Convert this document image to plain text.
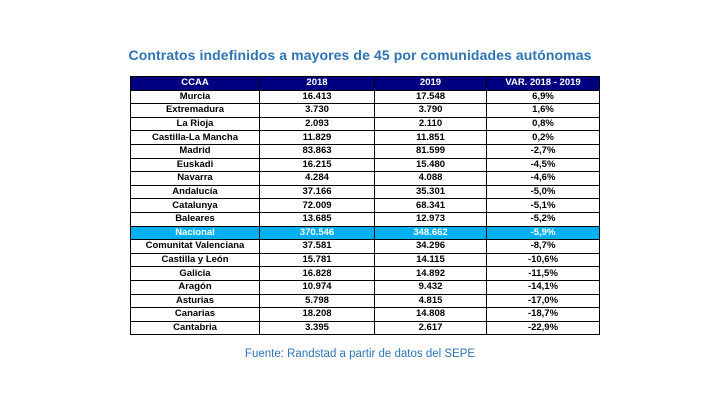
Contratos indefinidos a mayores de 45 por comunidades autónomas
CCAA	2018	2019	VAR. 2018 - 2019
Murcia	16.413	17.548	6,9%
Extremadura	3.730	3.790	1,6%
La Rioja	2.093	2.110	0,8%
Castilla-La Mancha	11.829	11.851	0,2%
Madrid	83.863	81.599	-2,7%
Euskadi	16.215	15.480	-4,5%
Navarra	4.284	4.088	-4,6%
Andalucía	37.166	35.301	-5,0%
Catalunya	72.009	68.341	-5,1%
Baleares	13.685	12.973	-5,2%
Nacional	370.546	348.662	-5,9%
Comunitat Valenciana	37.581	34.296	-8,7%
Castilla y León	15.781	14.115	-10,6%
Galicia	16.828	14.892	-11,5%
Aragón	10.974	9.432	-14,1%
Asturias	5.798	4.815	-17,0%
Canarias	18.208	14.808	-18,7%
Cantabria	3.395	2.617	-22,9%
Fuente: Randstad a partir de datos del SEPE
